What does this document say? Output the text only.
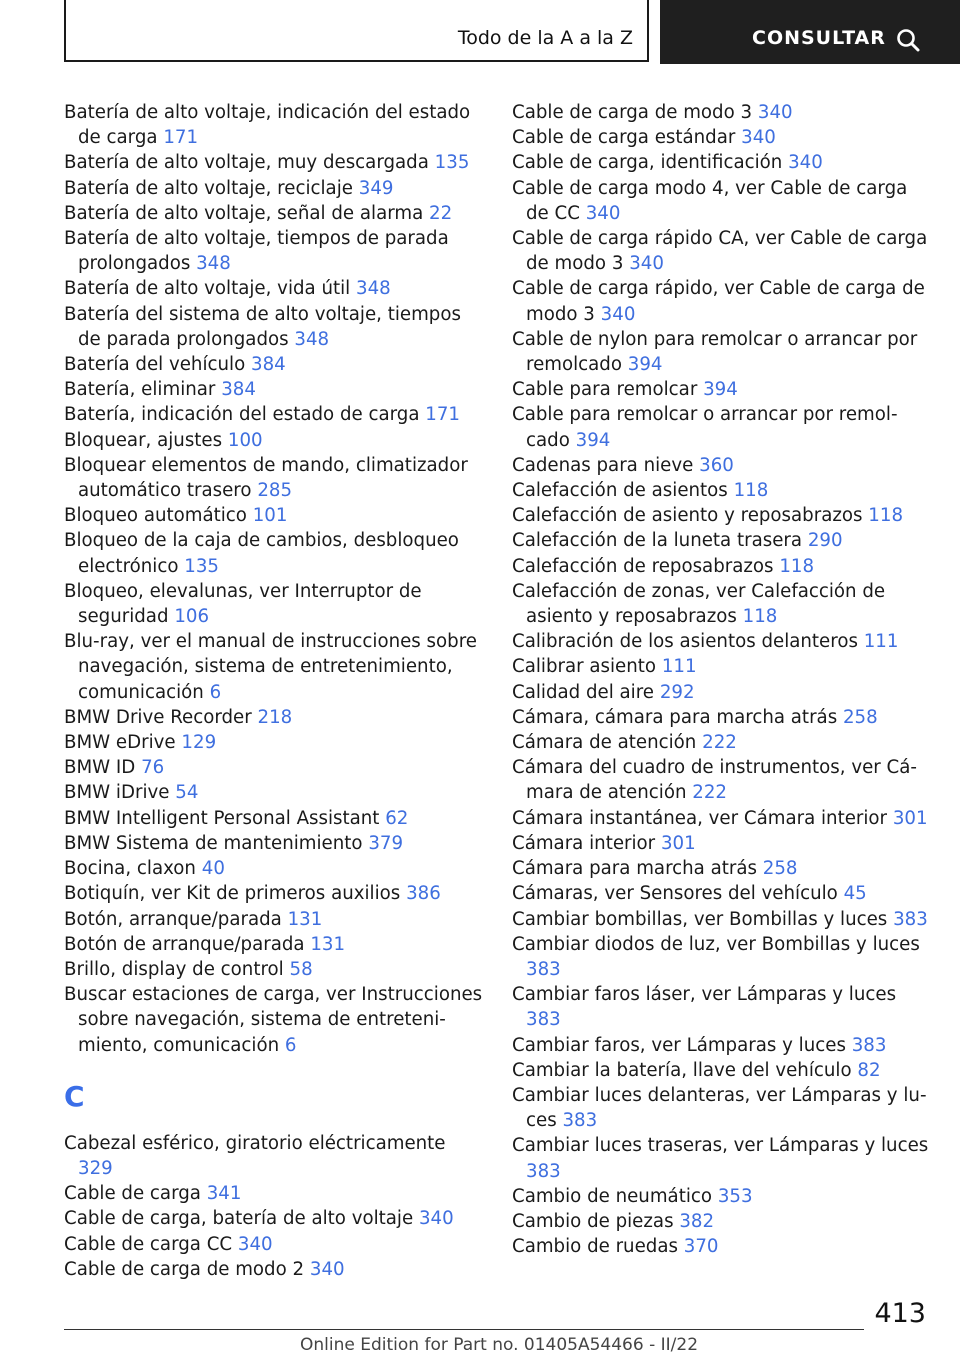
Todo de la A a la Z	CONSULTAR
Batería de alto voltaje, indicación del estado de carga 171
Batería de alto voltaje, muy descargada 135
Batería de alto voltaje, reciclaje 349
Batería de alto voltaje, señal de alarma 22
Batería de alto voltaje, tiempos de parada prolongados 348
Batería de alto voltaje, vida útil 348
Batería del sistema de alto voltaje, tiempos de parada prolongados 348
Batería del vehículo 384
Batería, eliminar 384
Batería, indicación del estado de carga 171
Bloquear, ajustes 100
Bloquear elementos de mando, climatizador automático trasero 285
Bloqueo automático 101
Bloqueo de la caja de cambios, desbloqueo electrónico 135
Bloqueo, elevalunas, ver Interruptor de seguridad 106
Blu-ray, ver el manual de instrucciones sobre navegación, sistema de entretenimiento, comunicación 6
BMW Drive Recorder 218
BMW eDrive 129
BMW ID 76
BMW iDrive 54
BMW Intelligent Personal Assistant 62
BMW Sistema de mantenimiento 379
Bocina, claxon 40
Botiquín, ver Kit de primeros auxilios 386
Botón, arranque/parada 131
Botón de arranque/parada 131
Brillo, display de control 58
Buscar estaciones de carga, ver Instrucciones sobre navegación, sistema de entretenimiento, comunicación 6
C
Cabezal esférico, giratorio eléctricamente 329
Cable de carga 341
Cable de carga, batería de alto voltaje 340
Cable de carga CC 340
Cable de carga de modo 2 340
Cable de carga de modo 3 340
Cable de carga estándar 340
Cable de carga, identificación 340
Cable de carga modo 4, ver Cable de carga de CC 340
Cable de carga rápido CA, ver Cable de carga de modo 3 340
Cable de carga rápido, ver Cable de carga de modo 3 340
Cable de nylon para remolcar o arrancar por remolcado 394
Cable para remolcar 394
Cable para remolcar o arrancar por remolcado 394
Cadenas para nieve 360
Calefacción de asientos 118
Calefacción de asiento y reposabrazos 118
Calefacción de la luneta trasera 290
Calefacción de reposabrazos 118
Calefacción de zonas, ver Calefacción de asiento y reposabrazos 118
Calibración de los asientos delanteros 111
Calibrar asiento 111
Calidad del aire 292
Cámara, cámara para marcha atrás 258
Cámara de atención 222
Cámara del cuadro de instrumentos, ver Cámara de atención 222
Cámara instantánea, ver Cámara interior 301
Cámara interior 301
Cámara para marcha atrás 258
Cámaras, ver Sensores del vehículo 45
Cambiar bombillas, ver Bombillas y luces 383
Cambiar diodos de luz, ver Bombillas y luces 383
Cambiar faros láser, ver Lámparas y luces 383
Cambiar faros, ver Lámparas y luces 383
Cambiar la batería, llave del vehículo 82
Cambiar luces delanteras, ver Lámparas y luces 383
Cambiar luces traseras, ver Lámparas y luces 383
Cambio de neumático 353
Cambio de piezas 382
Cambio de ruedas 370
413
Online Edition for Part no. 01405A54466 - II/22
